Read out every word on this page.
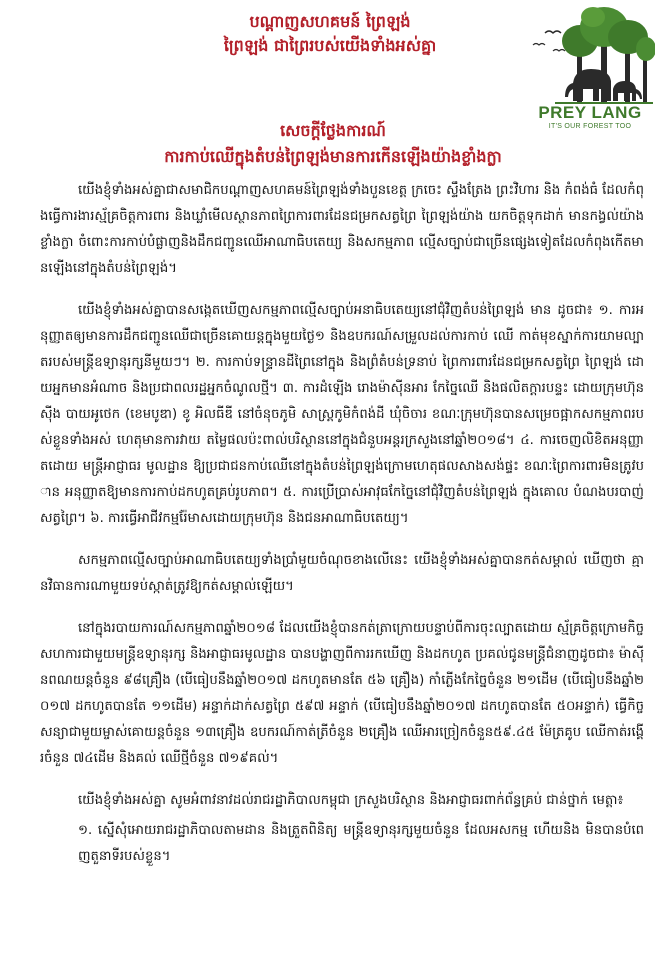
បណ្តាញសហគមន៍ ព្រៃឡង់
ព្រៃឡង់ ជាព្រៃរបស់យើងទាំងអស់គ្នា
PREY LANG
IT'S OUR FOREST TOO
សេចក្តីថ្លែងការណ៍
ការកាប់ឈើក្នុងតំបន់ព្រៃឡង់មានការកើនឡើងយ៉ាងខ្លាំងក្លា

យើងខ្ញុំទាំងអស់គ្នាជាសមាជិកបណ្តាញសហគមន៍ព្រៃឡង់ទាំងបួនខេត្ត ក្រចេះ ស្ទឹងត្រែង ព្រះវិហារ និង កំពង់ធំ ដែលកំពុងធ្វើការងារស្ម័គ្រចិត្តការពារ និងឃ្លាំមើលស្ថានភាពព្រៃការពារដែនជម្រកសត្វព្រៃ ព្រៃឡង់យ៉ាង យកចិត្តទុកដាក់ មានកង្វល់យ៉ាងខ្លាំងក្លា ចំពោះការកាប់បំផ្លាញនិងដឹកជញ្ជូនឈើអាណាធិបតេយ្យ និងសកម្មភាព ល្មើសច្បាប់ជាច្រើនផ្សេងទៀតដែលកំពុងកើតមានឡើងនៅក្នុងតំបន់ព្រៃឡង់។

យើងខ្ញុំទាំងអស់គ្នាបានសង្កេតឃើញសកម្មភាពល្មើសច្បាប់អនាធិបតេយ្យនៅជុំវិញតំបន់ព្រៃឡង់ មាន ដូចជា៖ ១. ការអនុញ្ញាតឲ្យមានការដឹកជញ្ជូនឈើជាច្រើនគោយន្តក្នុងមួយថ្ងៃ១ និងឧបករណ៍សម្រួលដល់ការកាប់ ឈើ កាត់មុខស្នាក់ការយាមល្បាតរបស់មន្ត្រីឧទ្យានុរក្សនីមួយៗ។ ២. ការកាប់ទន្ទ្រានដីព្រៃនៅក្នុង និងព្រំតំបន់ទ្រនាប់ ព្រៃការពារដែនជម្រកសត្វព្រៃ ព្រៃឡង់ ដោយអ្នកមានអំណាច និងប្រជាពលរដ្ឋអ្នកចំណូលថ្មី។ ៣. ការដំឡើង រោងម៉ាស៊ីនអារ កែច្នៃឈើ និងផលិតក្តារបន្ទះ ដោយក្រុមហ៊ុន ស៊ីង បាយអូថេក (ខេមបូឌា) ខូ អិលធីឌី នៅចំនុចភូមិ សាស្ត្រកូមិកំពង់ដី ឃុំចិចារ ខណៈក្រុមហ៊ុនបានសម្រេចផ្អាកសកម្មភាពរបស់ខ្លួនទាំងអស់ ហេតុមានការវាយ តម្លៃផលប៉ះពាល់បរិស្ថាននៅក្នុងជំនួបអន្តរក្រសួងនៅឆ្នាំ២០១៨។ ៤. ការចេញលិខិតអនុញ្ញាតដោយ មន្ត្រីអាជ្ញាធរ មូលដ្ឋាន ឱ្យប្រជាជនកាប់ឈើនៅក្នុងតំបន់ព្រៃឡង់ក្រោមហេតុផលសាងសង់ផ្ទះ ខណៈព្រៃការពារមិនត្រូវបាន អនុញ្ញាតឱ្យមានការកាប់ដកហូតគ្រប់រូបភាព។ ៥. ការប្រើប្រាស់អាវុធកែច្នៃនៅជុំវិញតំបន់ព្រៃឡង់ ក្នុងគោល បំណងបរបាញ់សត្វព្រៃ។ ៦. ការធ្វើអាជីវកម្មរ៉ែមាសដោយក្រុមហ៊ុន និងជនអាណាធិបតេយ្យ។

សកម្មភាពល្មើសច្បាប់អាណាធិបតេយ្យទាំងប្រាំមួយចំណុចខាងលើនេះ យើងខ្ញុំទាំងអស់គ្នាបានកត់សម្គាល់ ឃើញថា គ្មានវិធានការណាមួយទប់ស្កាត់ត្រូវឱ្យកត់សម្គាល់ឡើយ។

នៅក្នុងរបាយការណ៍សកម្មភាពឆ្នាំ២០១៨ ដែលយើងខ្ញុំបានកត់ត្រាក្រោយបន្ទាប់ពីការចុះល្បាតដោយ ស្ម័គ្រចិត្តក្រោមកិច្ចសហការជាមួយមន្ត្រីឧទ្យានុរក្ស និងអាជ្ញាធរមូលដ្ឋាន បានបង្ហាញពីការរកឃើញ និងដកហូត ប្រគល់ជូនមន្ត្រីជំនាញដូចជា៖ ម៉ាស៊ីនពណយន្តចំនួន ៩៨គ្រឿង (បើធៀបនឹងឆ្នាំ២០១៧ ដកហូតមានតែ ៥៦ គ្រឿង) កាំភ្លើងកែច្នៃចំនួន ២១ដើម (បើធៀបនឹងឆ្នាំ២០១៧ ដកហូតបានតែ ១១ដើម) អន្ទាក់ដាក់សត្វព្រៃ ៥៩៧ អន្ទាក់ (បើធៀបនឹងឆ្នាំ២០១៧ ដកហូតបានតែ ៥០អន្ទាក់) ធ្វើកិច្ចសន្យាជាមួយម្ចាស់គោយន្តចំនួន ១៣គ្រឿង ឧបករណ៍កាត់ត្រីចំនួន ២គ្រឿង ឈើអារច្រៀកចំនួន៥៩.៤៥ ម៉ែត្រគូប ឈើកាត់រង្គើរចំនួន ៧៤ដើម និងគល់ ឈើថ្មីចំនួន ៧១៩គល់។

យើងខ្ញុំទាំងអស់គ្នា សូមអំពាវនាវដល់រាជរដ្ឋាភិបាលកម្ពុជា ក្រសួងបរិស្ថាន និងអាជ្ញាធរពាក់ព័ន្ធគ្រប់ ជាន់ថ្នាក់ មេត្តា៖

១. ស្នើសុំអោយរាជរដ្ឋាភិបាលតាមដាន និងត្រួតពិនិត្យ មន្ត្រីឧទ្យានុរក្សមួយចំនួន ដែលអសកម្ម ហើយនិង មិនបានបំពេញតួនាទីរបស់ខ្លួន។
